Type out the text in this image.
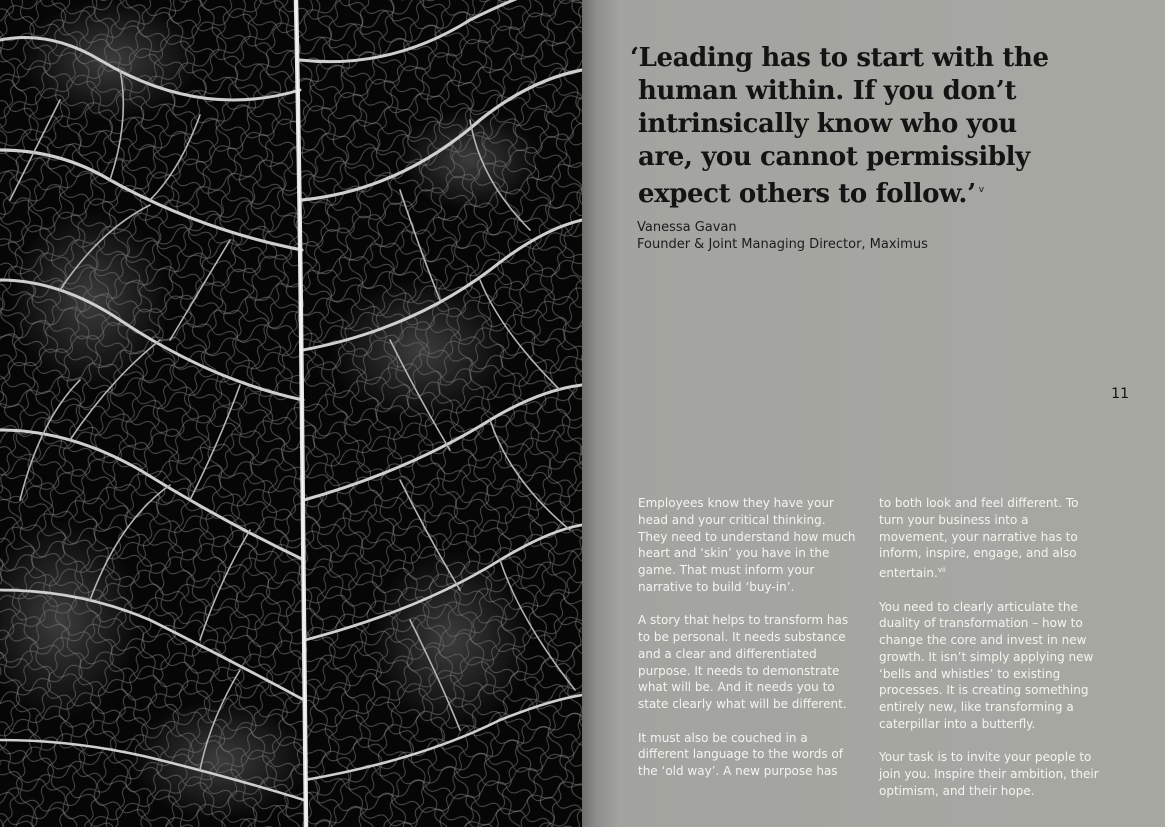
‘Leading has to start with the
human within. If you don’t
intrinsically know who you
are, you cannot permissibly
expect others to follow.’ $^v$

Vanessa Gavan
Founder & Joint Managing Director, Maximus
11

Employees know they have your head and your critical thinking. They need to understand how much heart and ‘skin’ you have in the game. That must inform your narrative to build ‘buy-in’.

A story that helps to transform has to be personal. It needs substance and a clear and differentiated purpose. It needs to demonstrate what will be. And it needs you to state clearly what will be different.

It must also be couched in a different language to the words of the ‘old way’. A new purpose has

to both look and feel different. To turn your business into a movement, your narrative has to inform, inspire, engage, and also entertain.$^{vii}$

You need to clearly articulate the duality of transformation – how to change the core and invest in new growth. It isn’t simply applying new ‘bells and whistles’ to existing processes. It is creating something entirely new, like transforming a caterpillar into a butterfly.

Your task is to invite your people to join you. Inspire their ambition, their optimism, and their hope.
